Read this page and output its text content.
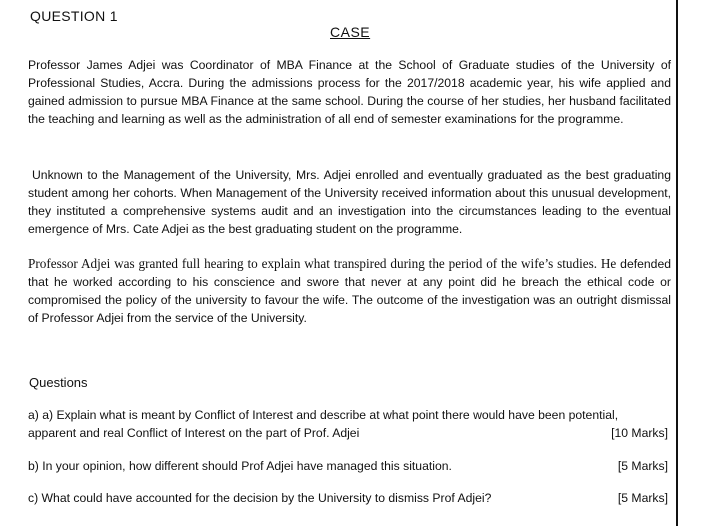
QUESTION 1
CASE
Professor James Adjei was Coordinator of MBA Finance at the School of Graduate studies of the University of Professional Studies, Accra. During the admissions process for the 2017/2018 academic year, his wife applied and gained admission to pursue MBA Finance at the same school. During the course of her studies, her husband facilitated the teaching and learning as well as the administration of all end of semester examinations for the programme.
Unknown to the Management of the University, Mrs. Adjei enrolled and eventually graduated as the best graduating student among her cohorts. When Management of the University received information about this unusual development, they instituted a comprehensive systems audit and an investigation into the circumstances leading to the eventual emergence of Mrs. Cate Adjei as the best graduating student on the programme.
Professor Adjei was granted full hearing to explain what transpired during the period of the wife’s studies. He defended that he worked according to his conscience and swore that never at any point did he breach the ethical code or compromised the policy of the university to favour the wife. The outcome of the investigation was an outright dismissal of Professor Adjei from the service of the University.
Questions
a) a) Explain what is meant by Conflict of Interest and describe at what point there would have been potential,
apparent and real Conflict of Interest on the part of Prof. Adjei	[10 Marks]
b) In your opinion, how different should Prof Adjei have managed this situation.	[5 Marks]
c) What could have accounted for the decision by the University to dismiss Prof Adjei?	[5 Marks]
